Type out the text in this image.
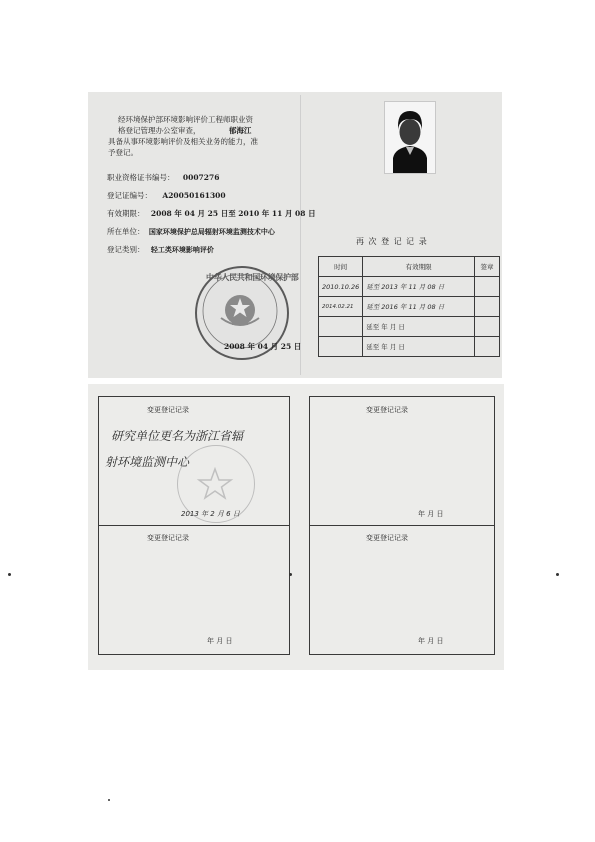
经环境保护部环境影响评价工程师职业资
格登记管理办公室审查，	郁海江
具备从事环境影响评价及相关业务的能力，准
予登记。
职业资格证书编号： 0007276
登记证编号： A20050161300
有效期限： 2008 年 04 月 25 日至 2010 年 11 月 08 日
所在单位： 国家环境保护总局辐射环境监测技术中心
登记类别： 轻工类环境影响评价
中华人民共和国环境保护部
2008 年 04 月 25 日
再 次 登 记 记 录
时间	有效期限	签章
2010.10.26	延至 2013 年 11 月 08 日	
2014.02.21	延至 2016 年 11 月 08 日	
	延至 年 月 日	
	延至 年 月 日	
变更登记记录
研究单位更名为浙江省辐
射环境监测中心
2013 年 2 月 6 日
变更登记记录
年 月 日
变更登记记录
年 月 日
变更登记记录
年 月 日
